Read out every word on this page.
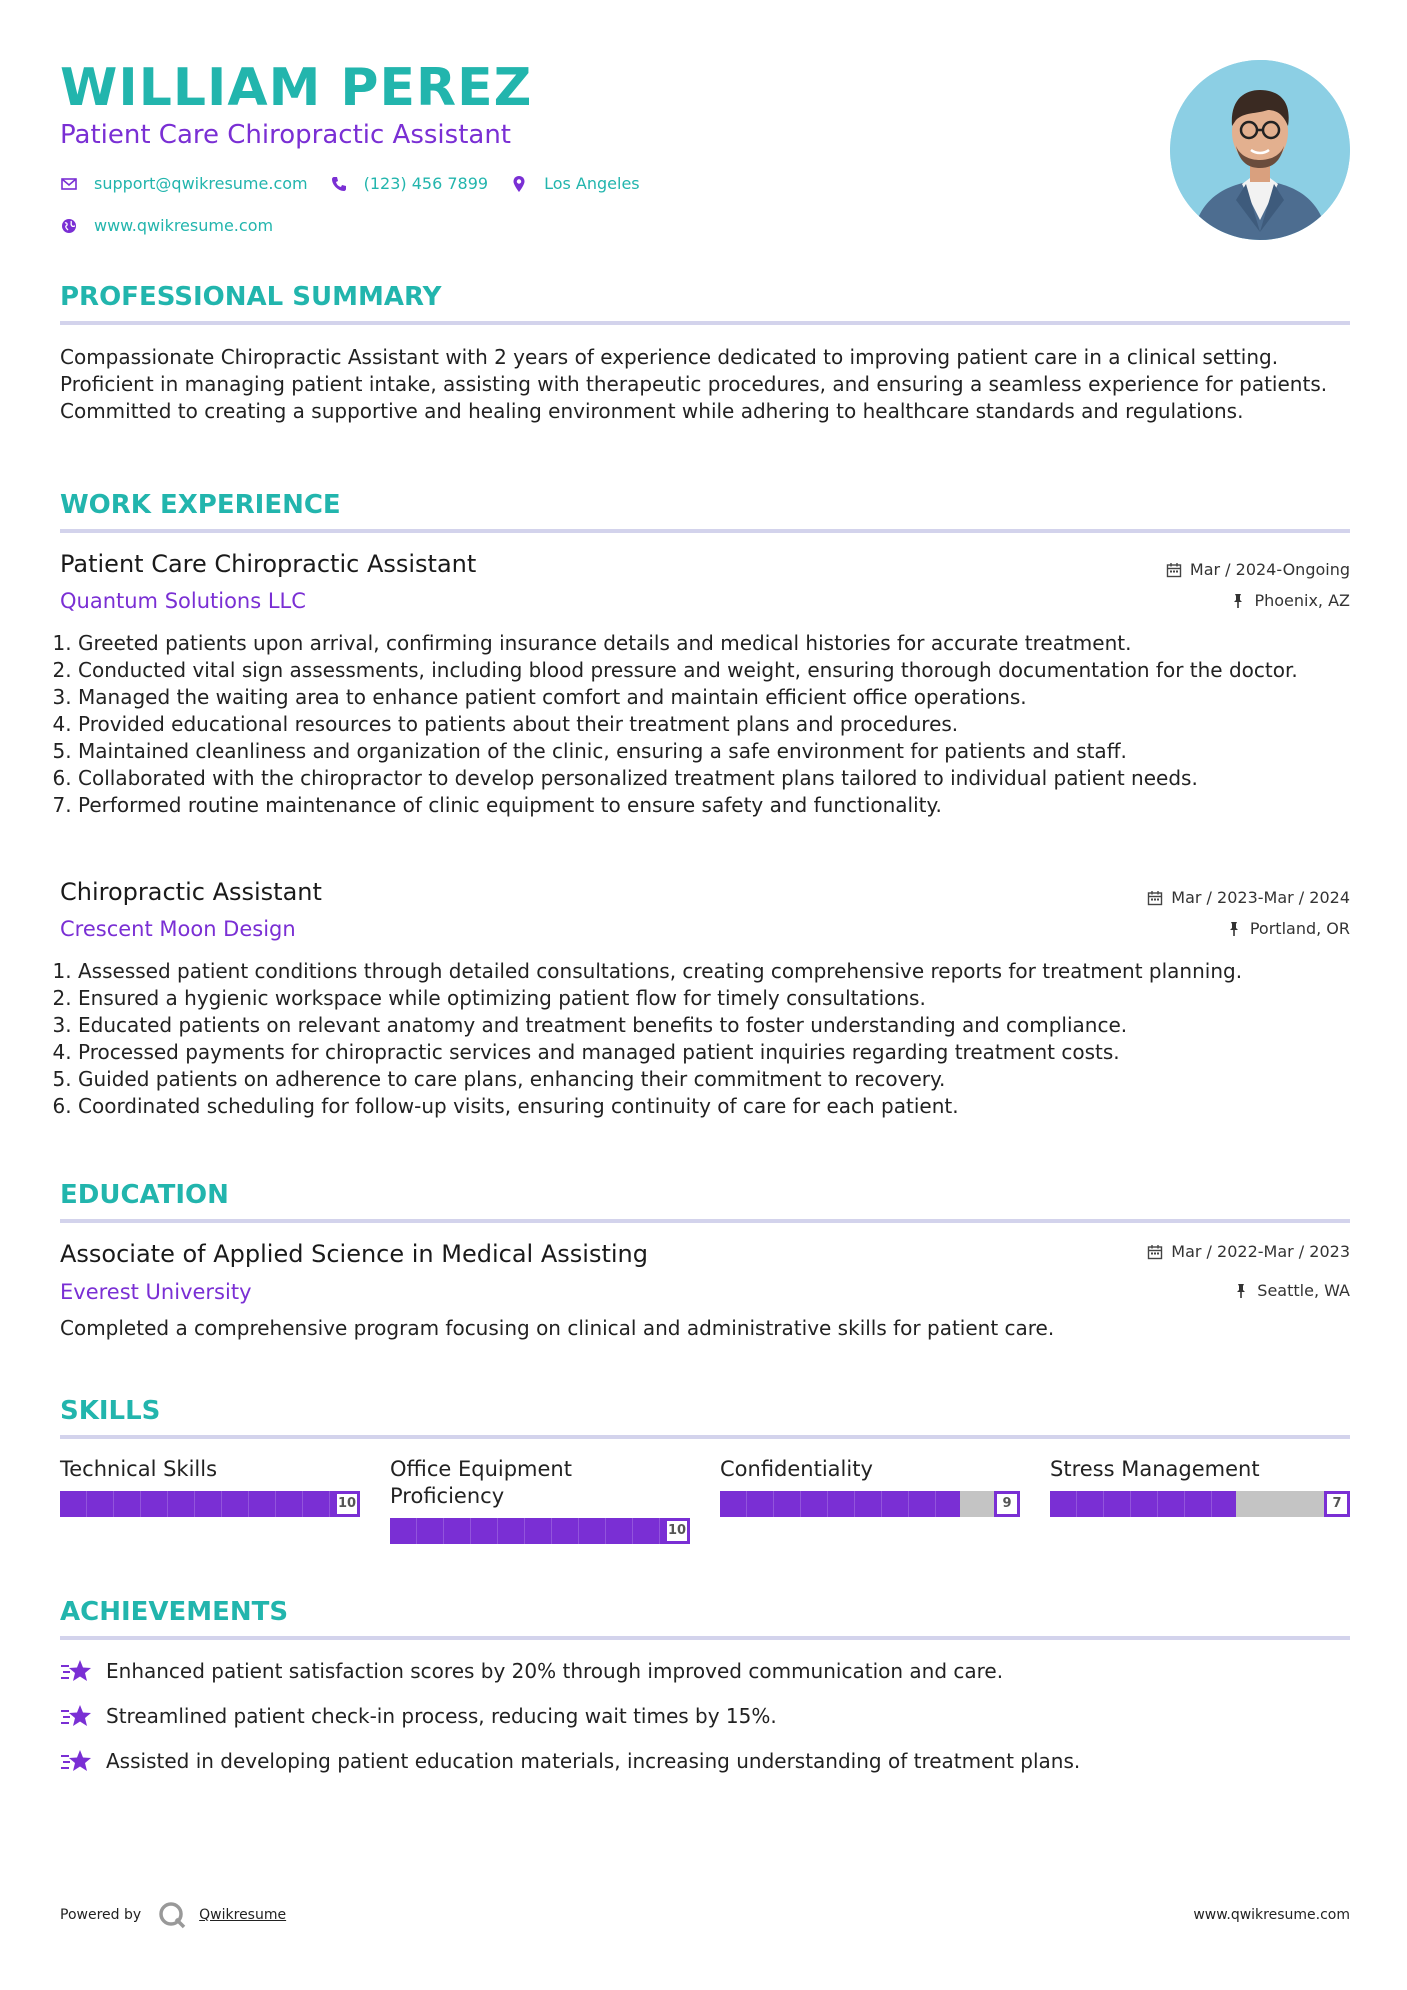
WILLIAM PEREZ
Patient Care Chiropractic Assistant
support@qwikresume.com	(123) 456 7899	Los Angeles
www.qwikresume.com
PROFESSIONAL SUMMARY

Compassionate Chiropractic Assistant with 2 years of experience dedicated to improving patient care in a clinical setting. Proficient in managing patient intake, assisting with therapeutic procedures, and ensuring a seamless experience for patients. Committed to creating a supportive and healing environment while adhering to healthcare standards and regulations.

WORK EXPERIENCE
Patient Care Chiropractic Assistant
Quantum Solutions LLC
Mar / 2024-Ongoing
Phoenix, AZ
1. Greeted patients upon arrival, confirming insurance details and medical histories for accurate treatment.
2. Conducted vital sign assessments, including blood pressure and weight, ensuring thorough documentation for the doctor.
3. Managed the waiting area to enhance patient comfort and maintain efficient office operations.
4. Provided educational resources to patients about their treatment plans and procedures.
5. Maintained cleanliness and organization of the clinic, ensuring a safe environment for patients and staff.
6. Collaborated with the chiropractor to develop personalized treatment plans tailored to individual patient needs.
7. Performed routine maintenance of clinic equipment to ensure safety and functionality.
Chiropractic Assistant
Crescent Moon Design
Mar / 2023-Mar / 2024
Portland, OR
1. Assessed patient conditions through detailed consultations, creating comprehensive reports for treatment planning.
2. Ensured a hygienic workspace while optimizing patient flow for timely consultations.
3. Educated patients on relevant anatomy and treatment benefits to foster understanding and compliance.
4. Processed payments for chiropractic services and managed patient inquiries regarding treatment costs.
5. Guided patients on adherence to care plans, enhancing their commitment to recovery.
6. Coordinated scheduling for follow-up visits, ensuring continuity of care for each patient.
EDUCATION
Associate of Applied Science in Medical Assisting
Everest University
Mar / 2022-Mar / 2023
Seattle, WA
Completed a comprehensive program focusing on clinical and administrative skills for patient care.
SKILLS
Technical Skills
10
Office Equipment Proficiency
10
Confidentiality
9
Stress Management
7
ACHIEVEMENTS
Enhanced patient satisfaction scores by 20% through improved communication and care.
Streamlined patient check-in process, reducing wait times by 15%.
Assisted in developing patient education materials, increasing understanding of treatment plans.
Powered by	Qwikresume	www.qwikresume.com
